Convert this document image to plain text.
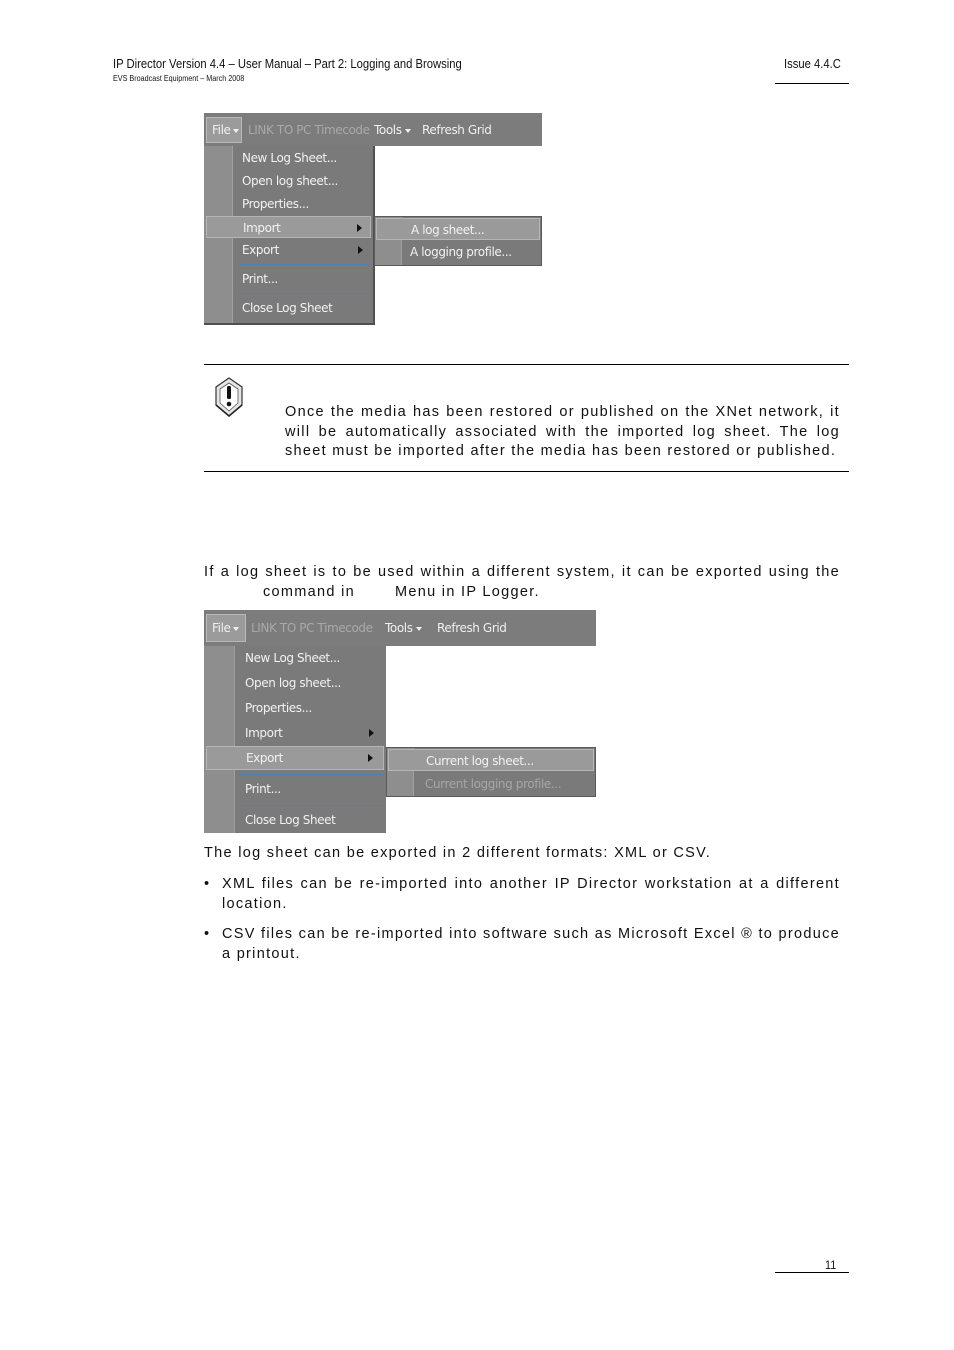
IP Director Version 4.4 – User Manual – Part 2: Logging and Browsing
EVS Broadcast Equipment – March 2008
Issue 4.4.C
File	LINK TO PC Timecode Tools	Refresh Grid
New Log Sheet...
Open log sheet...
Properties...
Import
Export
Print...
Close Log Sheet
A log sheet...
A logging profile...
Once the media has been restored or published on the XNet network, it will be automatically associated with the imported log sheet. The log sheet must be imported after the media has been restored or published.
If a log sheet is to be used within a different system, it can be exported using the
command in	Menu in IP Logger.
File	LINK TO PC Timecode Tools	Refresh Grid
New Log Sheet...
Open log sheet...
Properties...
Import
Export
Print...
Close Log Sheet
Current log sheet...
Current logging profile...
The log sheet can be exported in 2 different formats: XML or CSV.
• XML files can be re-imported into another IP Director workstation at a different location.
• CSV files can be re-imported into software such as Microsoft Excel ® to produce a printout.
11
